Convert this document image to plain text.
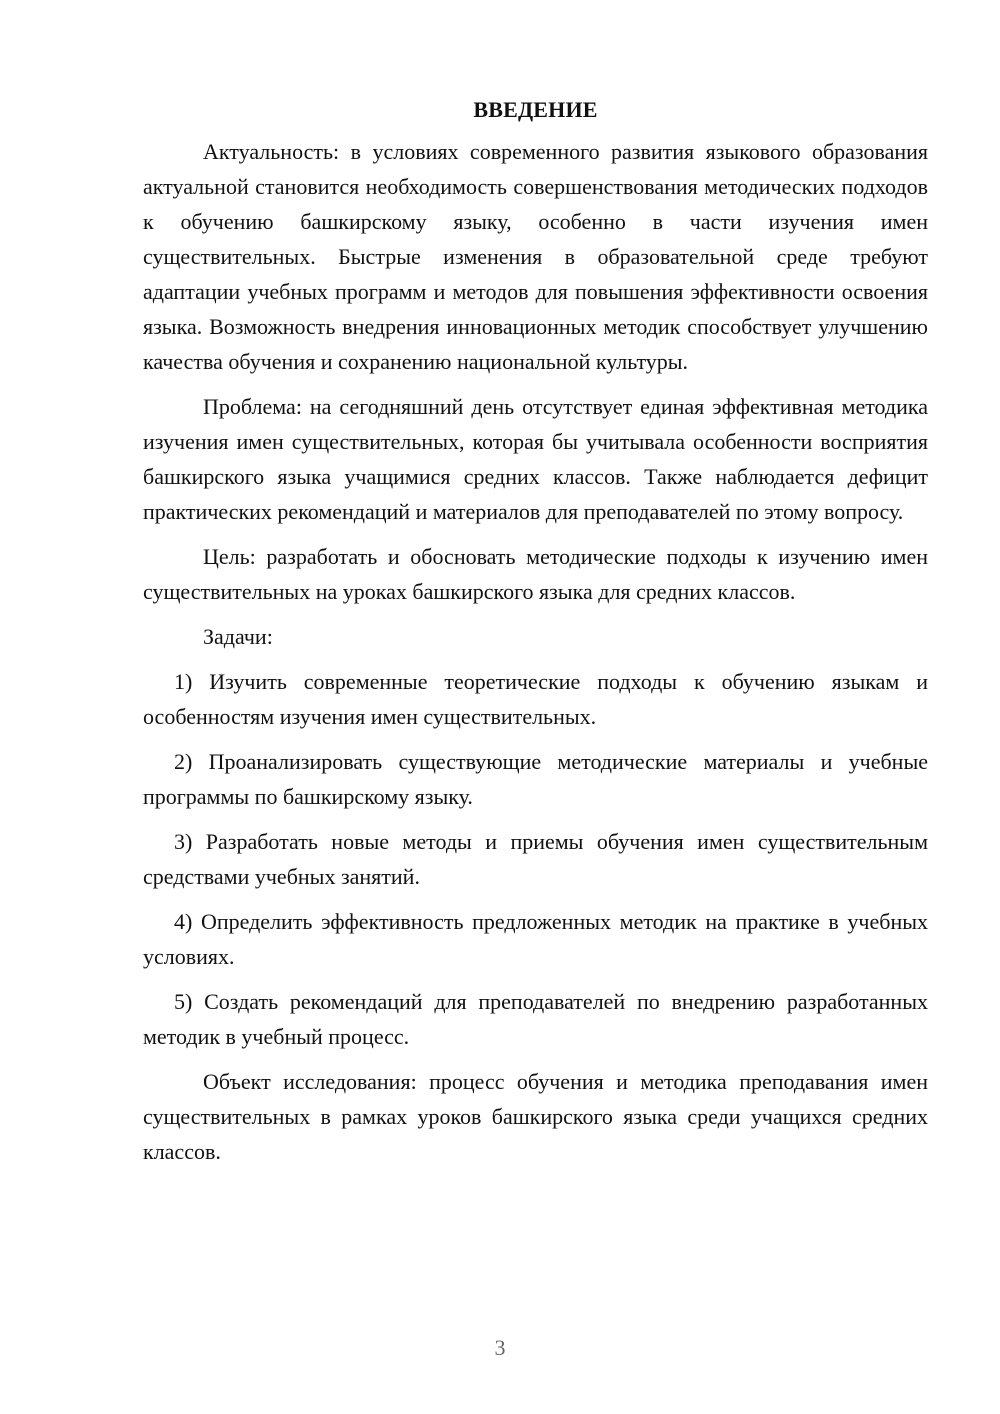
ВВЕДЕНИЕ

Актуальность: в условиях современного развития языкового образования актуальной становится необходимость совершенствования методических подходов к обучению башкирскому языку, особенно в части изучения имен существительных. Быстрые изменения в образовательной среде требуют адаптации учебных программ и методов для повышения эффективности освоения языка. Возможность внедрения инновационных методик способствует улучшению качества обучения и сохранению национальной культуры.

Проблема: на сегодняшний день отсутствует единая эффективная методика изучения имен существительных, которая бы учитывала особенности восприятия башкирского языка учащимися средних классов. Также наблюдается дефицит практических рекомендаций и материалов для преподавателей по этому вопросу.

Цель: разработать и обосновать методические подходы к изучению имен существительных на уроках башкирского языка для средних классов.

Задачи:

1) Изучить современные теоретические подходы к обучению языкам и особенностям изучения имен существительных.

2) Проанализировать существующие методические материалы и учебные программы по башкирскому языку.

3) Разработать новые методы и приемы обучения имен существительным средствами учебных занятий.

4) Определить эффективность предложенных методик на практике в учебных условиях.

5) Создать рекомендаций для преподавателей по внедрению разработанных методик в учебный процесс.

Объект исследования: процесс обучения и методика преподавания имен существительных в рамках уроков башкирского языка среди учащихся средних классов.

3
